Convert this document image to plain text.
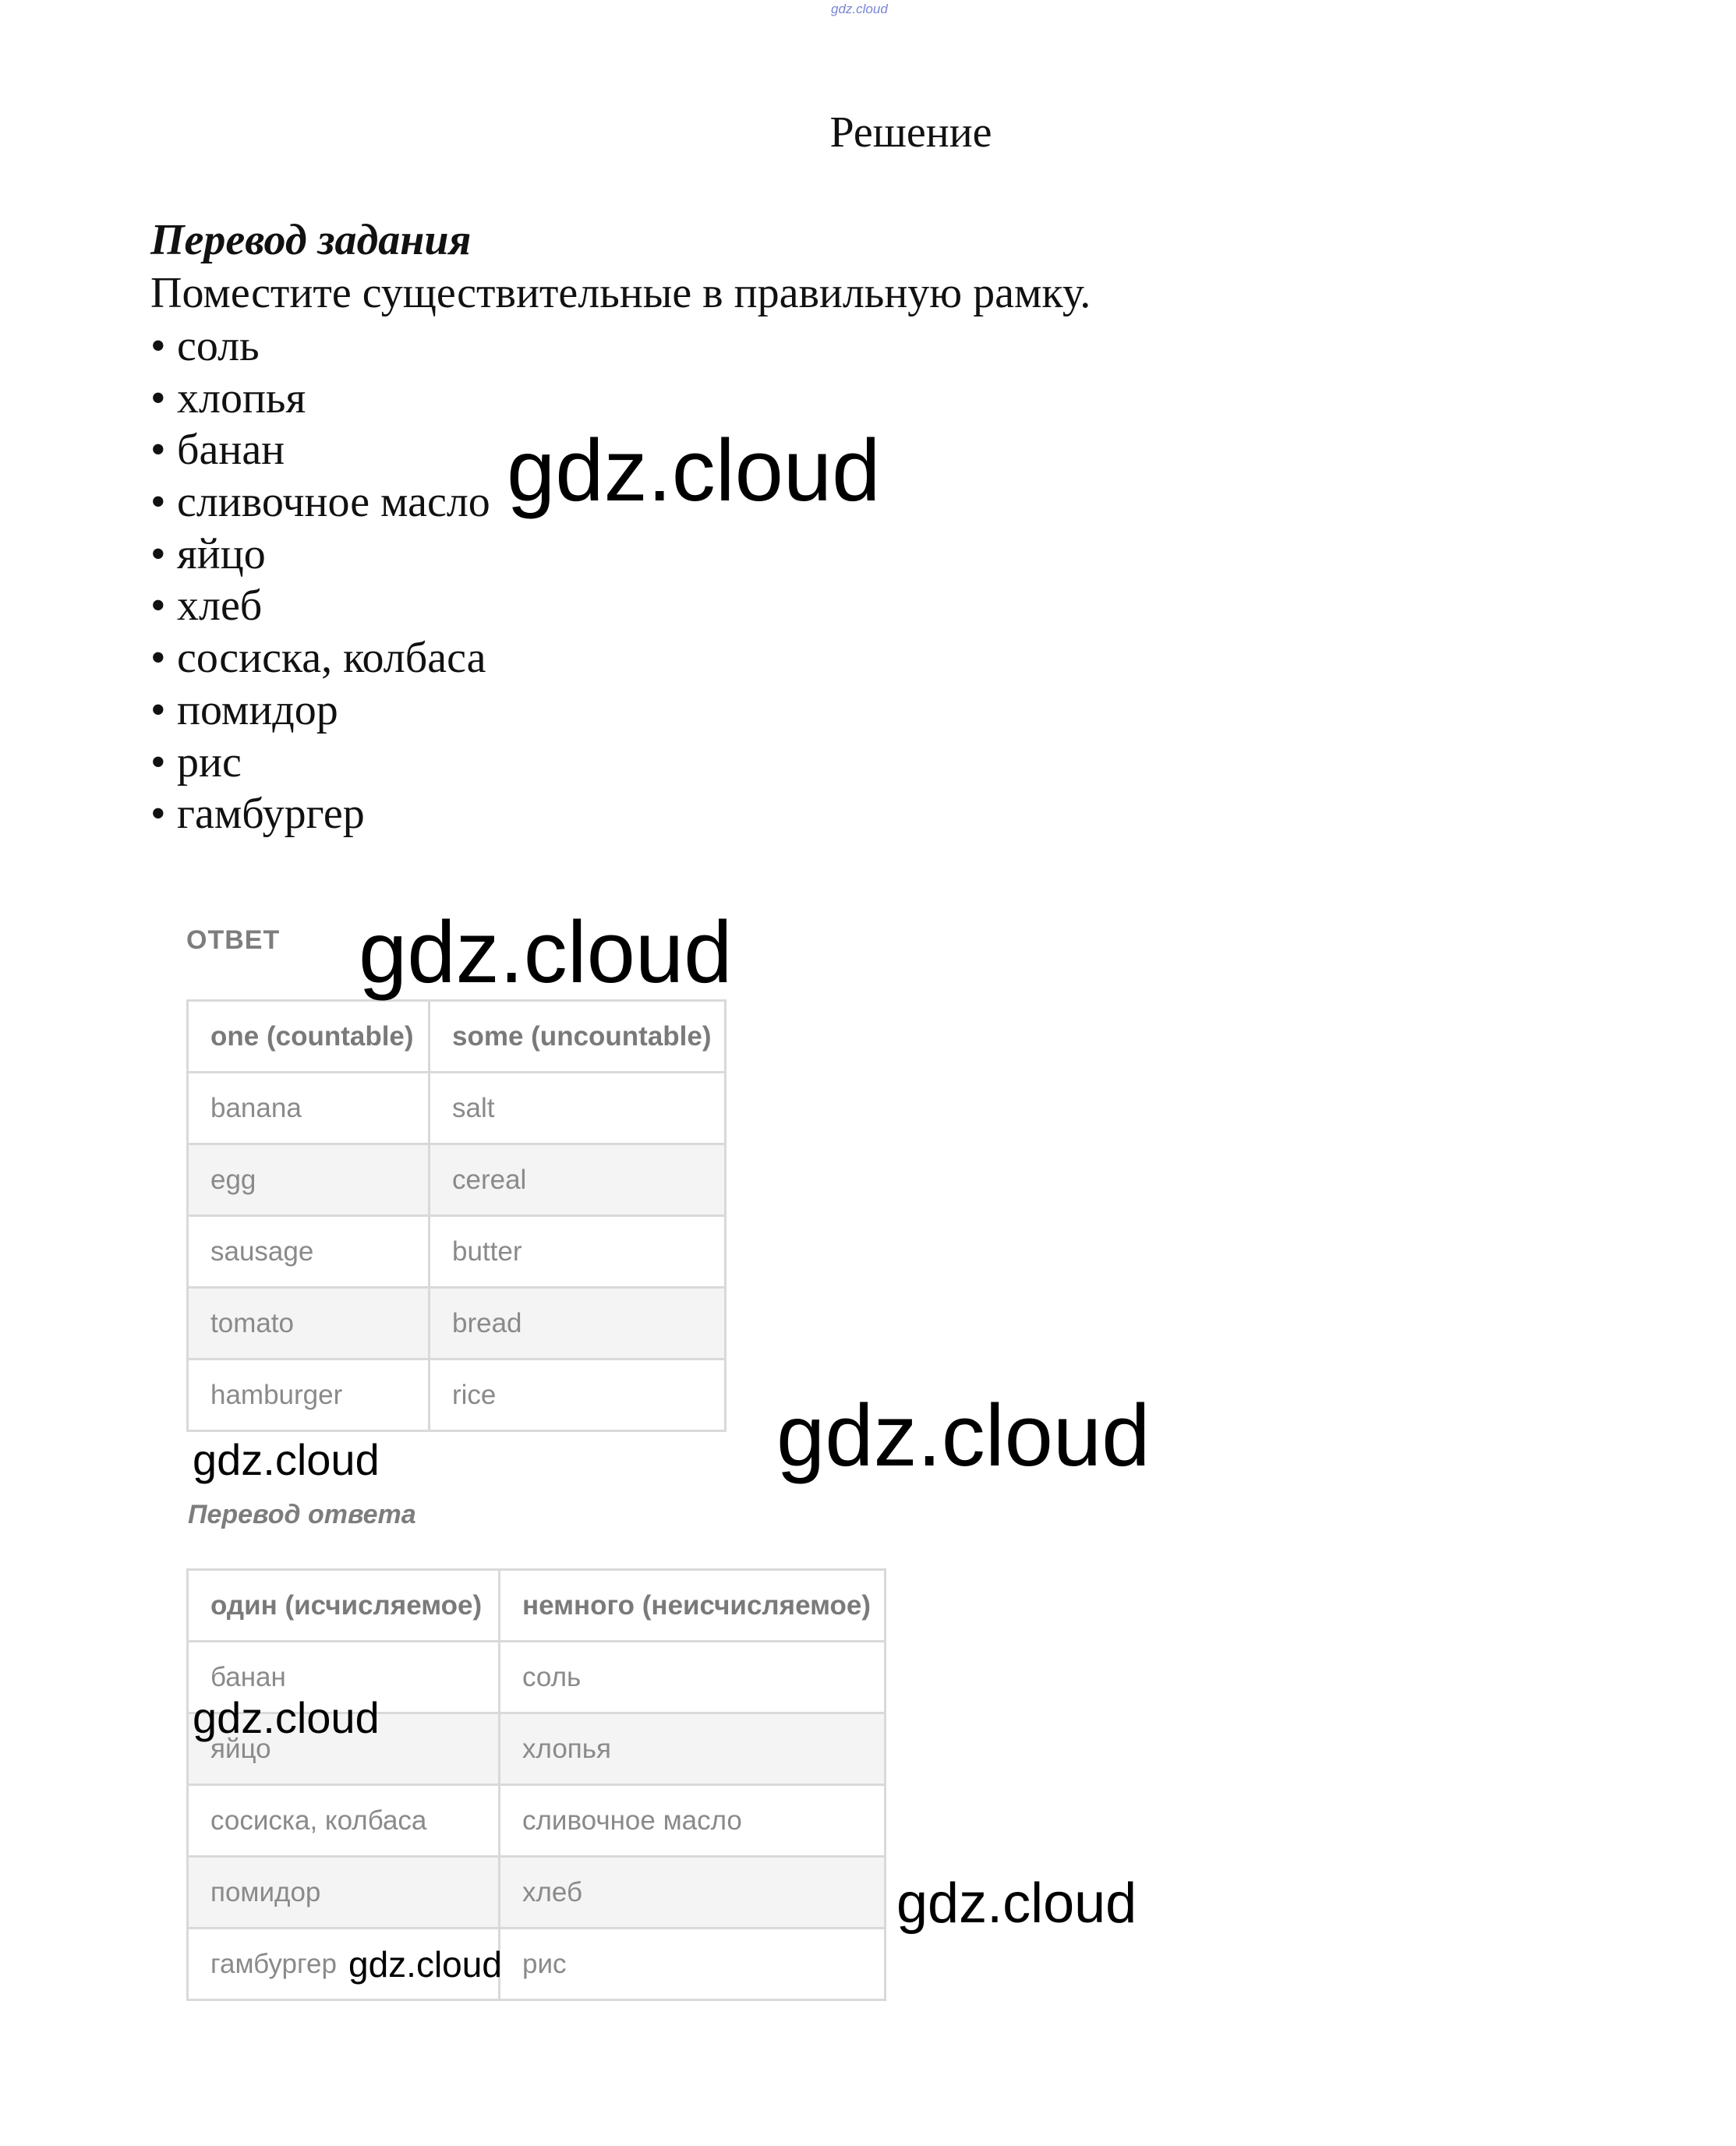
gdz.cloud
Решение
Перевод задания
Поместите существительные в правильную рамку.
• соль
• хлопья
• банан
• сливочное масло
• яйцо
• хлеб
• сосиска, колбаса
• помидор
• рис
• гамбургер
ОТВЕТ
one (countable)	some (uncountable)
banana	salt
egg	cereal
sausage	butter
tomato	bread
hamburger	rice
Перевод ответа
один (исчисляемое)	немного (неисчисляемое)
банан	соль
яйцо	хлопья
сосиска, колбаса	сливочное масло
помидор	хлеб
гамбургер	рис
gdz.cloud
gdz.cloud
gdz.cloud
gdz.cloud
gdz.cloud
gdz.cloud
gdz.cloud
